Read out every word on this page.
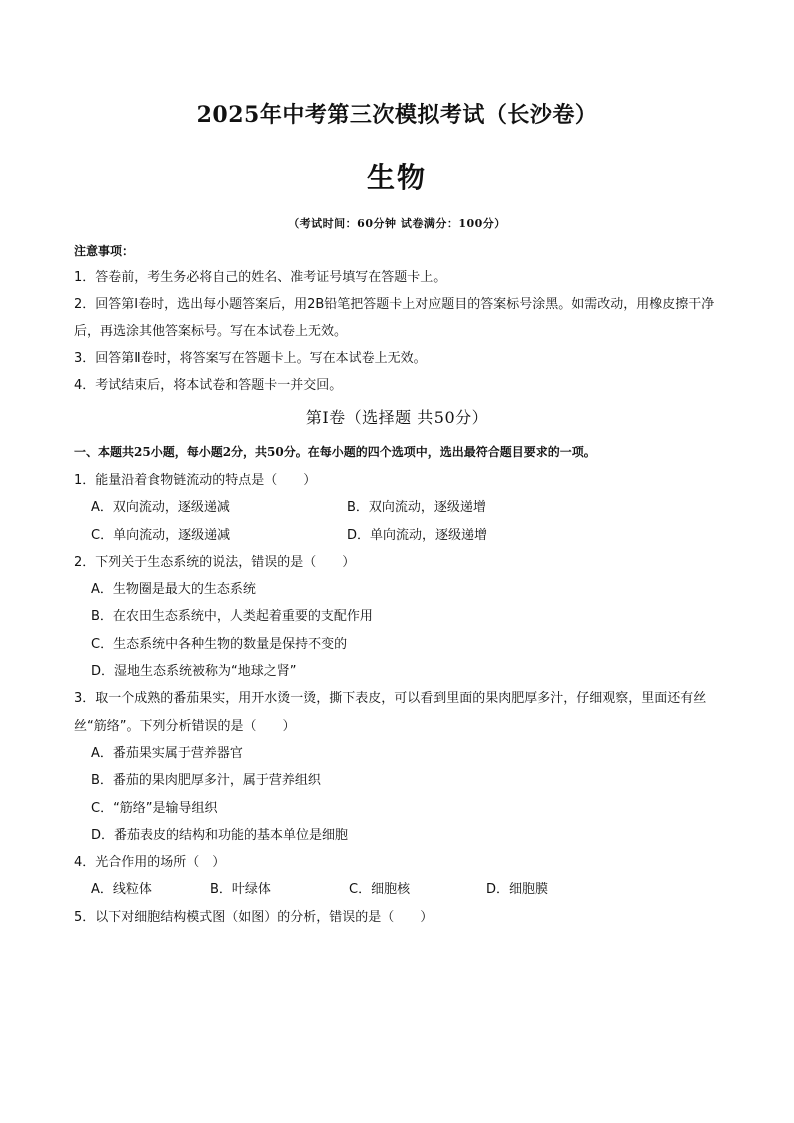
2025年中考第三次模拟考试（长沙卷）
生物
（考试时间：60分钟 试卷满分：100分）
注意事项：
1．答卷前，考生务必将自己的姓名、准考证号填写在答题卡上。
2．回答第Ⅰ卷时，选出每小题答案后，用2B铅笔把答题卡上对应题目的答案标号涂黑。如需改动，用橡皮擦干净后，再选涂其他答案标号。写在本试卷上无效。
3．回答第Ⅱ卷时，将答案写在答题卡上。写在本试卷上无效。
4．考试结束后，将本试卷和答题卡一并交回。
第Ⅰ卷（选择题 共50分）
一、本题共25小题，每小题2分，共50分。在每小题的四个选项中，选出最符合题目要求的一项。
1．能量沿着食物链流动的特点是（　　）
A．双向流动，逐级递减	B．双向流动，逐级递增
C．单向流动，逐级递减	D．单向流动，逐级递增
2．下列关于生态系统的说法，错误的是（　　）
A．生物圈是最大的生态系统
B．在农田生态系统中，人类起着重要的支配作用
C．生态系统中各种生物的数量是保持不变的
D．湿地生态系统被称为“地球之肾”
3．取一个成熟的番茄果实，用开水烫一烫，撕下表皮，可以看到里面的果肉肥厚多汁，仔细观察，里面还有丝丝“筋络”。下列分析错误的是（　　）
A．番茄果实属于营养器官
B．番茄的果肉肥厚多汁，属于营养组织
C．“筋络”是输导组织
D．番茄表皮的结构和功能的基本单位是细胞
4．光合作用的场所（　）
A．线粒体	B．叶绿体	C．细胞核	D．细胞膜
5．以下对细胞结构模式图（如图）的分析，错误的是（　　）
